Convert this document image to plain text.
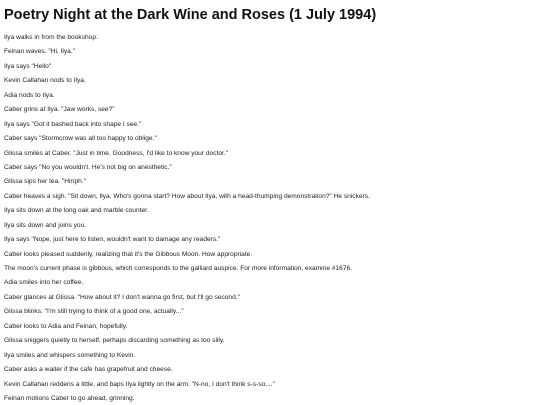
Poetry Night at the Dark Wine and Roses (1 July 1994)
Ilya walks in from the bookshop.
Feinan waves. "Hi, Ilya."
Ilya says "Hello"
Kevin Callahan nods to Ilya.
Adia nods to Ilya.
Caber grins at Ilya. "Jaw works, see?"
Ilya says "Got it bashed back into shape I see."
Caber says "Stormcrow was all too happy to oblige."
Glissa smiles at Caber. "Just in time. Goodness, I'd like to know your doctor."
Caber says "No you wouldn't. He's not big on anesthetic."
Glissa sips her tea. "Hmph."
Caber heaves a sigh. "Sit down, Ilya. Who's gonna start? How about Ilya, with a head-thumping demonstration?" He snickers.
Ilya sits down at the long oak and marble counter.
Ilya sits down and joins you.
Ilya says "Nope, just here to listen, wouldn't want to damage any readers."
Caber looks pleased suddenly, realizing that it's the Gibbous Moon. How appropriate.
The moon's current phase is gibbous, which corresponds to the galliard auspice. For more information, examine #1676.
Adia smiles into her coffee.
Caber glances at Glissa. "How about it? I don't wanna go first, but I'll go second."
Glissa blinks. "I'm still trying to think of a good one, actually..."
Caber looks to Adia and Feinan, hopefully.
Glissa sniggers quietly to herself, perhaps discarding something as too silly.
Ilya smiles and whispers something to Kevin.
Caber asks a waiter if the cafe has grapefruit and cheese.
Kevin Callahan reddens a little, and baps Ilya lightly on the arm. "N-no, I don't think s-s-so...."
Feinan motions Caber to go ahead, grinning.
